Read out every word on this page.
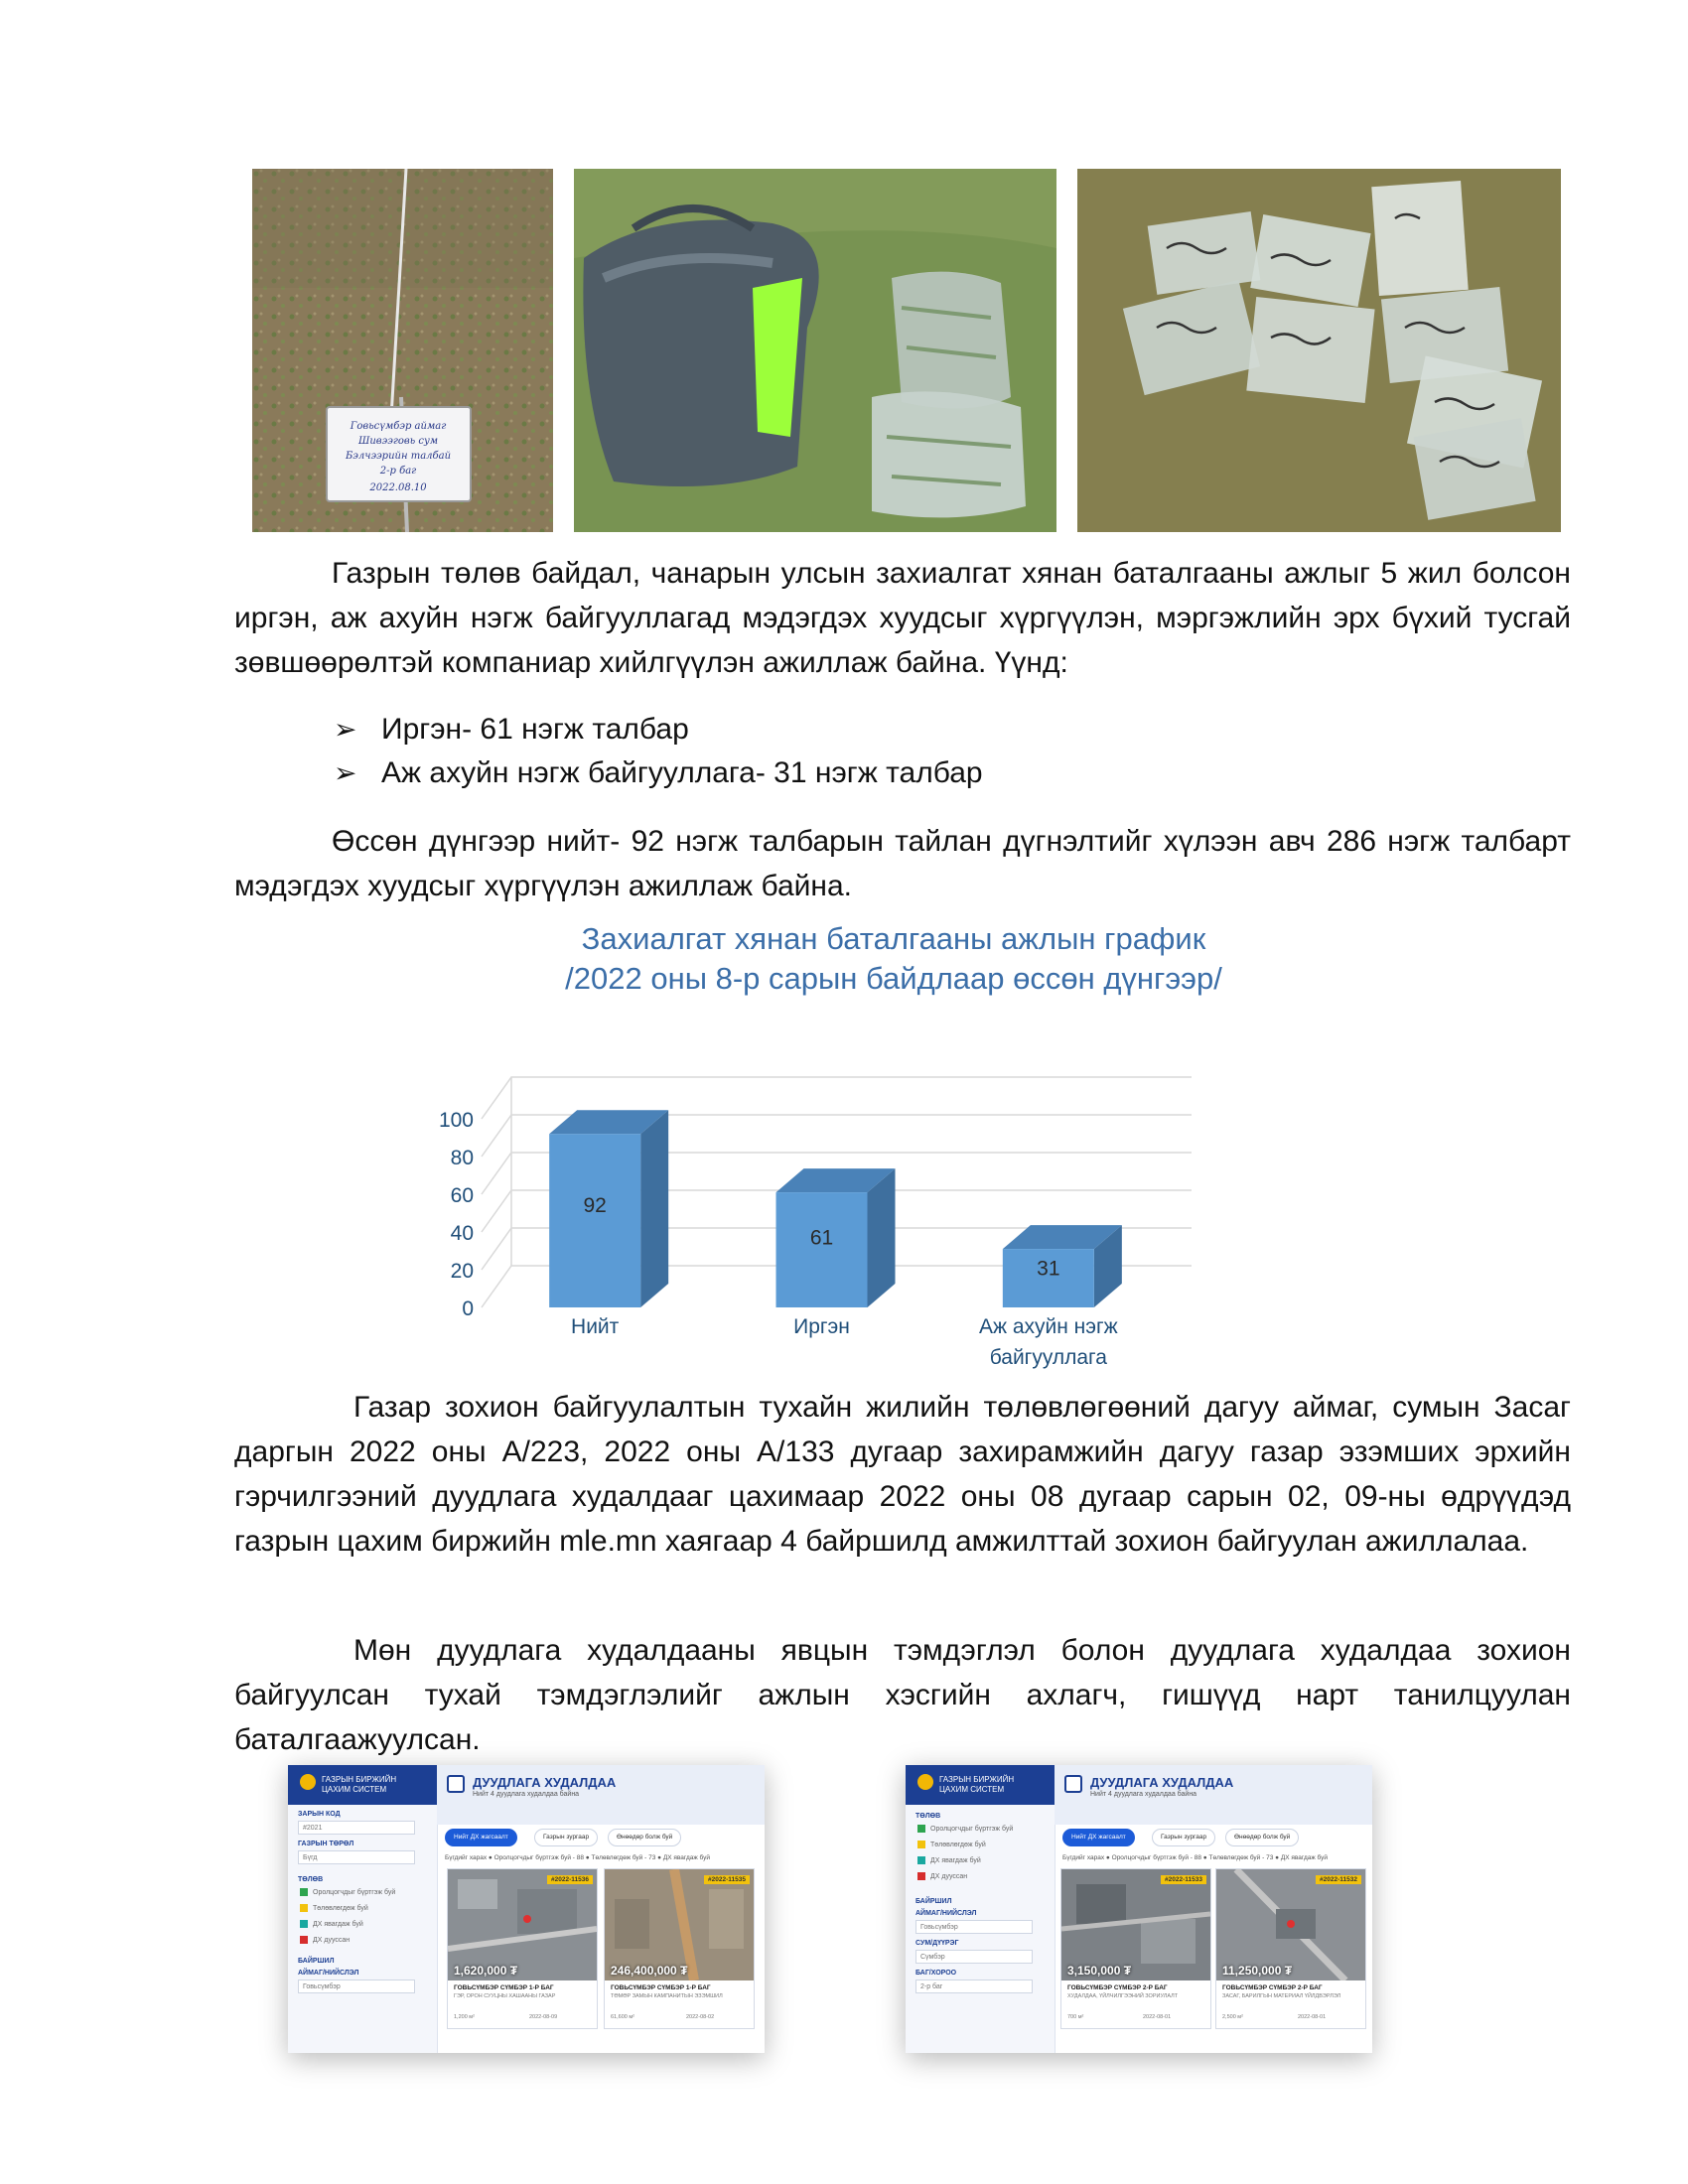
Говьсүмбэр аймаг
Шивээговь сум
Бэлчээрийн талбай
2-р баг
2022.08.10
Газрын төлөв байдал, чанарын улсын захиалгат хянан баталгааны ажлыг 5 жил болсон иргэн, аж ахуйн нэгж байгууллагад мэдэгдэх хуудсыг хүргүүлэн, мэргэжлийн эрх бүхий тусгай зөвшөөрөлтэй компаниар хийлгүүлэн ажиллаж байна. Үүнд:
➢ Иргэн- 61 нэгж талбар
➢ Аж ахуйн нэгж байгууллага- 31 нэгж талбар
Өссөн дүнгээр нийт- 92 нэгж талбарын тайлан дүгнэлтийг хүлээн авч 286 нэгж талбарт мэдэгдэх хуудсыг хүргүүлэн ажиллаж байна.
Захиалгат хянан баталгааны ажлын график
/2022 оны 8-р сарын байдлаар өссөн дүнгээр/
0
20
40
60
80
100
92
61
31
Нийт	Иргэн	Аж ахуйн нэгж
байгууллага
Газар зохион байгуулалтын тухайн жилийн төлөвлөгөөний дагуу аймаг, сумын Засаг даргын 2022 оны А/223, 2022 оны А/133 дугаар захирамжийн дагуу газар эзэмших эрхийн гэрчилгээний дуудлага худалдааг цахимаар 2022 оны 08 дугаар сарын 02, 09-ны өдрүүдэд газрын цахим биржийн mle.mn хаягаар 4 байршилд амжилттай зохион байгуулан ажиллалаа.
Мөн дуудлага худалдааны явцын тэмдэглэл болон дуудлага худалдаа зохион байгуулсан тухай тэмдэглэлийг ажлын хэсгийн ахлагч, гишүүд нарт танилцуулан баталгаажуулсан.
ГАЗРЫН БИРЖИЙН
ЦАХИМ СИСТЕМ
ЗАРЫН КОД
#2021
ГАЗРЫН ТӨРӨЛ
Бүгд
ТӨЛӨВ
Оролцогчдыг бүртгэж буй
Төлөвлөгдөж буй
ДХ явагдаж буй
ДХ дууссан
БАЙРШИЛ
АЙМАГ/НИЙСЛЭЛ
Говьсүмбэр
ДУУДЛАГА ХУДАЛДАА
Нийт 4 дуудлага худалдаа байна
Нийт ДХ жагсаалт	Газрын зургаар	Өнөөдөр болж буй
Бүгдийг харах ● Оролцогчдыг бүртгэж буй - 88 ● Төлөвлөгдөж буй - 73 ● ДХ явагдаж буй
#2022-11536
1,620,000 ₮
ГОВЬСҮМБЭР СҮМБЭР 1-Р БАГ
ГЭР, ОРОН СУУЦНЫ ХАШААНЫ ГАЗАР
1,200 м²	2022-08-09
#2022-11535
246,400,000 ₮
ГОВЬСҮМБЭР СҮМБЭР 1-Р БАГ
ТӨМӨР ЗАМЫН КАМПАНИТЫН ЭЗЭМШИЛ
61,600 м²	2022-08-02
ГАЗРЫН БИРЖИЙН
ЦАХИМ СИСТЕМ
ТӨЛӨВ
Оролцогчдыг бүртгэж буй
Төлөвлөгдөж буй
ДХ явагдаж буй
ДХ дууссан
БАЙРШИЛ
АЙМАГ/НИЙСЛЭЛ
Говьсүмбэр
СУМ/ДҮҮРЭГ
Сүмбэр
БАГ/ХОРОО
2-р баг
ДУУДЛАГА ХУДАЛДАА
Нийт 4 дуудлага худалдаа байна
Нийт ДХ жагсаалт	Газрын зургаар	Өнөөдөр болж буй
Бүгдийг харах ● Оролцогчдыг бүртгэж буй - 88 ● Төлөвлөгдөж буй - 73 ● ДХ явагдаж буй
#2022-11533
3,150,000 ₮
ГОВЬСҮМБЭР СҮМБЭР 2-Р БАГ
ХУДАЛДАА, ҮЙЛЧИЛГЭЭНИЙ ЗОРИУЛАЛТ
700 м²	2022-08-01
#2022-11532
11,250,000 ₮
ГОВЬСҮМБЭР СҮМБЭР 2-Р БАГ
ЗАСАГ, БАРИЛГЫН МАТЕРИАЛ ҮЙЛДВЭРЛЭЛ
2,500 м²	2022-08-01
